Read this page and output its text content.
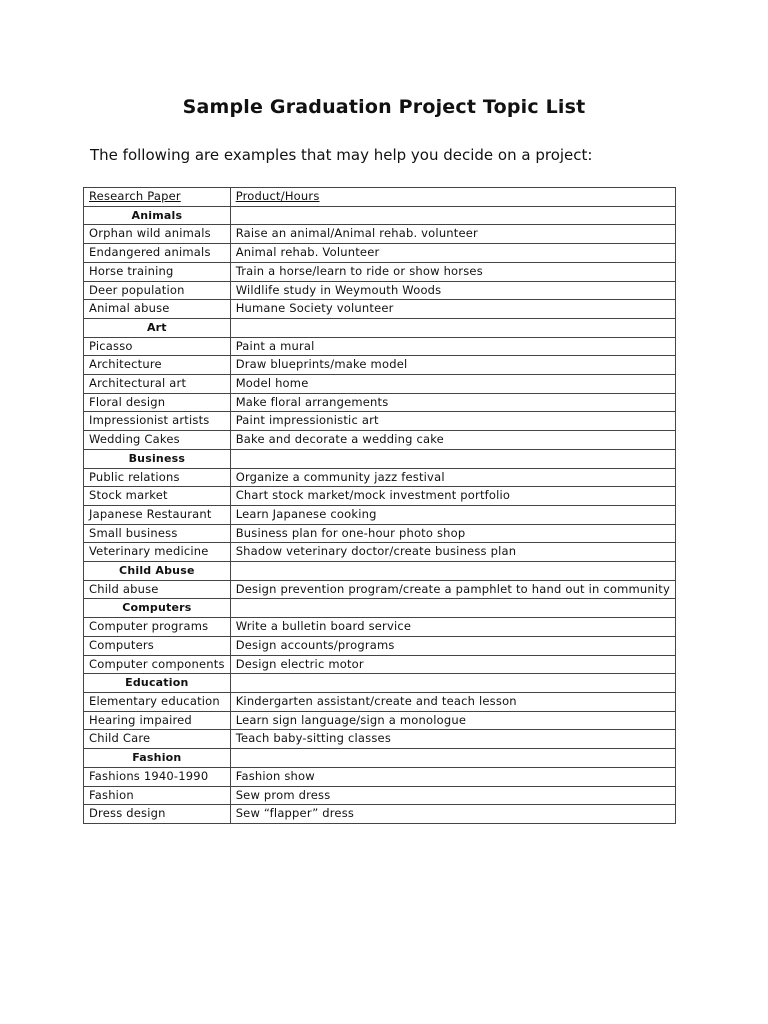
Sample Graduation Project Topic List
The following are examples that may help you decide on a project:
Research Paper	Product/Hours
Animals	
Orphan wild animals	Raise an animal/Animal rehab. volunteer
Endangered animals	Animal rehab. Volunteer
Horse training	Train a horse/learn to ride or show horses
Deer population	Wildlife study in Weymouth Woods
Animal abuse	Humane Society volunteer
Art	
Picasso	Paint a mural
Architecture	Draw blueprints/make model
Architectural art	Model home
Floral design	Make floral arrangements
Impressionist artists	Paint impressionistic art
Wedding Cakes	Bake and decorate a wedding cake
Business	
Public relations	Organize a community jazz festival
Stock market	Chart stock market/mock investment portfolio
Japanese Restaurant	Learn Japanese cooking
Small business	Business plan for one-hour photo shop
Veterinary medicine	Shadow veterinary doctor/create business plan
Child Abuse	
Child abuse	Design prevention program/create a pamphlet to hand out in community
Computers	
Computer programs	Write a bulletin board service
Computers	Design accounts/programs
Computer components	Design electric motor
Education	
Elementary education	Kindergarten assistant/create and teach lesson
Hearing impaired	Learn sign language/sign a monologue
Child Care	Teach baby-sitting classes
Fashion	
Fashions 1940-1990	Fashion show
Fashion	Sew prom dress
Dress design	Sew “flapper” dress
